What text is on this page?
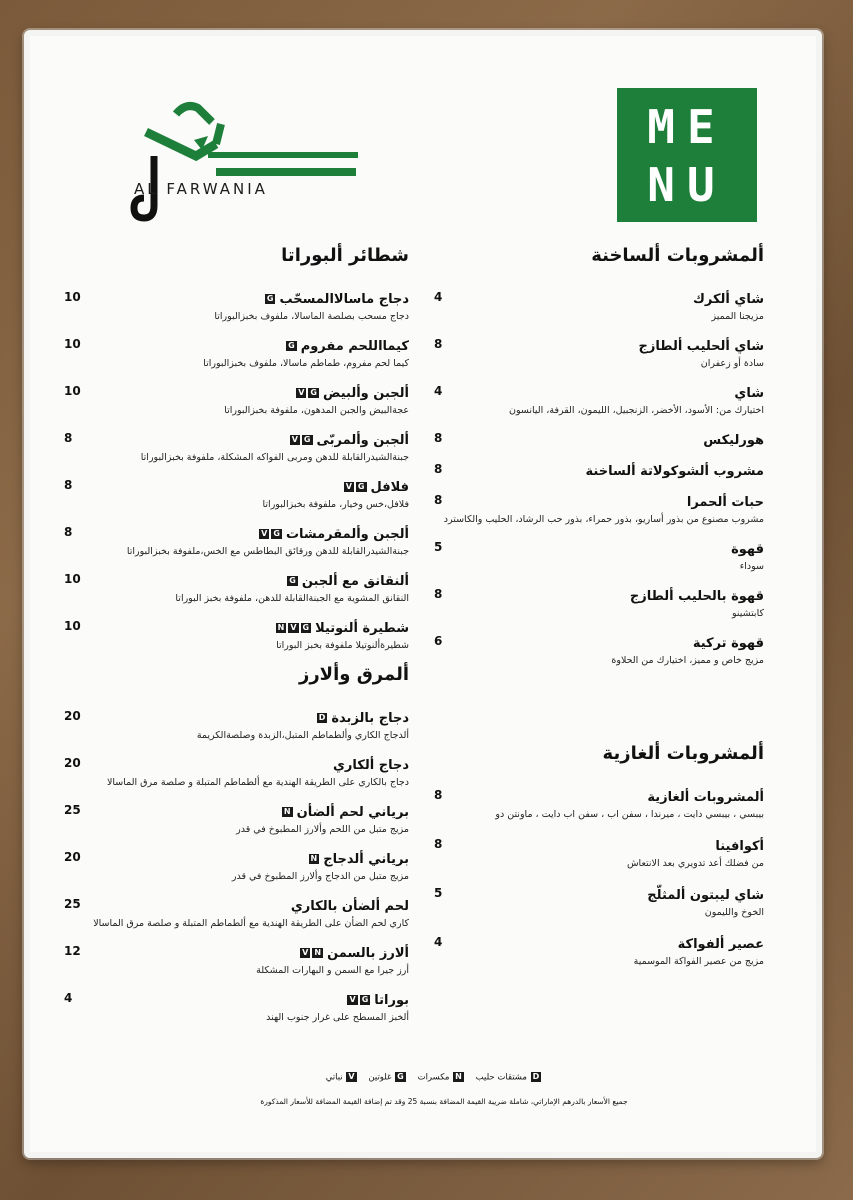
AL FARWANIA
ME
NU
ألمشروبات ألساخنة
شاي ألكرك
مزيجنا المميز
4
شاي ألحليب ألطازج
سادة أو زعفران
8
شاي
اختيارك من: الأسود، الأخضر، الزنجبيل، الليمون، القرفة، اليانسون
4
هورليكس
8
مشروب ألشوكولاتة ألساخنة
8
حبات ألحمرا
مشروب مصنوع من بذور أساريو، بذور حمراء، بذور حب الرشاد، الحليب والكاسترد
8
قهوة
سوداء
5
قهوة بالحليب ألطازج
كابتشينو
8
قهوة تركية
مزيج خاص و مميز، اختيارك من الحلاوة
6
ألمشروبات ألغازية
ألمشروبات ألغازية
بيبسي ، بيبسي دايت ، ميرندا ، سفن اب ، سفن اب دايت ، ماونتن دو
8
أكوافينا
من فضلك أعد تدويري بعد الانتعاش
8
شاي ليبتون ألمثلّج
الخوخ والليمون
5
عصير ألفواكة
مزيج من عصير الفواكة الموسمية
4
شطائر ألبوراتا
دجاج ماسالاالمسحّبG
دجاج مسحب بصلصة الماسالا، ملفوف بخبزالبوراتا
10
كيمااللحم مفرومG
كيما لحم مفروم، طماطم ماسالا، ملفوف بخبزالبوراتا
10
ألجبن وألبيضGV
عجةالبيض والجبن المدهون، ملفوفة بخبزالبوراتا
10
ألجبن وألمربّىGV
جبنةالشيدرالقابلة للدهن ومربى الفواكه المشكلة، ملفوفة بخبزالبوراتا
8
فلافلGV
فلافل،خس وخيار، ملفوفة بخبزالبوراتا
8
ألجبن وألمقرمشاتGV
جبنةالشيدرالقابلة للدهن ورقائق البطاطس مع الخس،ملفوفة بخبزالبوراتا
8
ألنقانق مع ألجبنG
النقانق المشوية مع الجبنةالقابلة للدهن، ملفوفة بخبز البوراتا
10
شطيرة ألنوتيلاGVN
شطيرةألنوتيلا ملفوفة بخبز البوراتا
10
ألمرق وألارز
دجاج بالزبدةD
ألدجاج الكاري وألطماطم المتبل،الزبدة وصلصةالكريمة
20
دجاج ألكاري
دجاج بالكاري على الطريقة الهندية مع ألطماطم المتبلة و صلصة مرق الماسالا
20
برياني لحم ألضأنN
مزيج متبل من اللحم وألارز المطبوخ في قدر
25
برياني ألدجاجN
مزيج متبل من الدجاج وألارز المطبوخ في قدر
20
لحم ألضأن بالكاري
كاري لحم الضأن على الطريقة الهندية مع ألطماطم المتبلة و صلصة مرق الماسالا
25
ألارز بالسمنNV
أرز جيرا مع السمن و البهارات المشكلة
12
بوراتاGV
ألخبز المسطح على غرار جنوب الهند
4
D مشتقات حليب    N مكسرات    G غلوتين    V نباتي
جميع الأسعار بالدرهم الإماراتي، شاملة ضريبة القيمة المضافة بنسبة 25 وقد تم إضافة القيمة المضافة للأسعار المذكورة
